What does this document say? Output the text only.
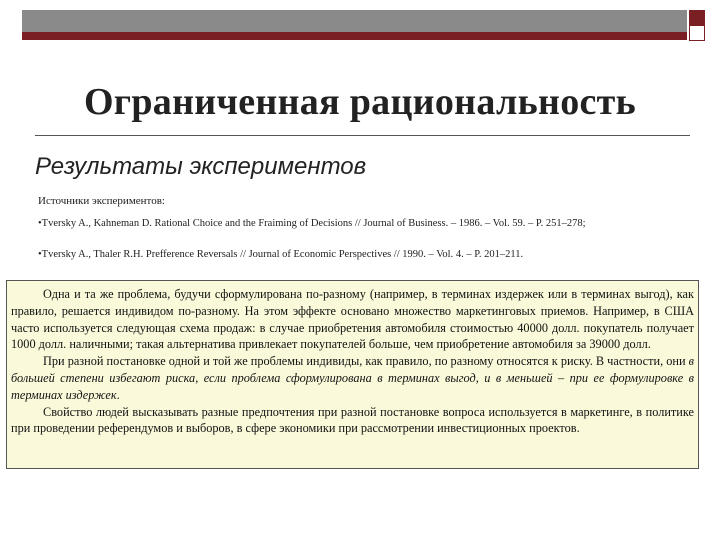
Ограниченная рациональность
Результаты экспериментов
Источники экспериментов:
•Tversky A., Kahneman D. Rational Choice and the Fraiming of Decisions // Journal of Business. – 1986. – Vol. 59. – P. 251–278;
•Tversky A., Thaler R.H. Prefference Reversals // Journal of Economic Perspectives // 1990. – Vol. 4. – P. 201–211.

Одна и та же проблема, будучи сформулирована по-разному (например, в терминах издержек или в терминах выгод), как правило, решается индивидом по-разному. На этом эффекте основано множество маркетинговых приемов. Например, в США часто используется следующая схема продаж: в случае приобретения автомобиля стоимостью 40000 долл. покупатель получает 1000 долл. наличными; такая альтернатива привлекает покупателей больше, чем приобретение автомобиля за 39000 долл.

При разной постановке одной и той же проблемы индивиды, как правило, по разному относятся к риску. В частности, они в большей степени избегают риска, если проблема сформулирована в терминах выгод, и в меньшей – при ее формулировке в терминах издержек.

Свойство людей высказывать разные предпочтения при разной постановке вопроса используется в маркетинге, в политике при проведении референдумов и выборов, в сфере экономики при рассмотрении инвестиционных проектов.
